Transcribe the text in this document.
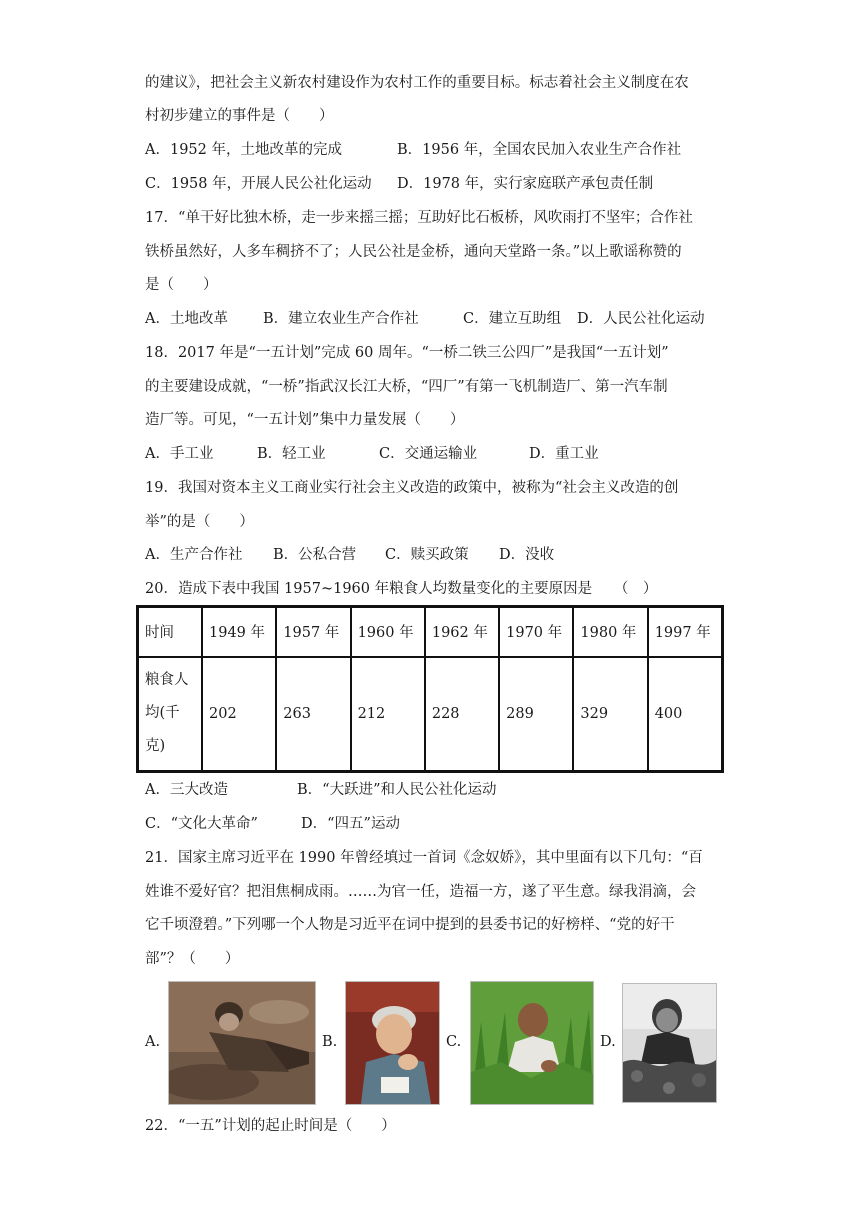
的建议》，把社会主义新农村建设作为农村工作的重要目标。标志着社会主义制度在农
村初步建立的事件是（　　）
A．1952 年，土地改革的完成	B．1956 年，全国农民加入农业生产合作社
C．1958 年，开展人民公社化运动 D．1978 年，实行家庭联产承包责任制
17．“单干好比独木桥，走一步来摇三摇；互助好比石板桥，风吹雨打不坚牢；合作社
铁桥虽然好，人多车稠挤不了；人民公社是金桥，通向天堂路一条。”以上歌谣称赞的
是（　　）
A．土地改革 B．建立农业生产合作社	C．建立互助组 D．人民公社化运动
18．2017 年是“一五计划”完成 60 周年。“一桥二铁三公四厂”是我国“一五计划”
的主要建设成就，“一桥”指武汉长江大桥，“四厂”有第一飞机制造厂、第一汽车制
造厂等。可见，“一五计划”集中力量发展（　　）
A．手工业	B．轻工业	C．交通运输业	D．重工业
19．我国对资本主义工商业实行社会主义改造的政策中，被称为“社会主义改造的创
举”的是（　　）
A．生产合作社 B．公私合营 C．赎买政策 D．没收
20．造成下表中我国 1957~1960 年粮食人均数量变化的主要原因是　　（　）
时间	1949 年	1957 年	1960 年	1962 年	1970 年	1980 年	1997 年
粮食人均(千克)	202	263	212	228	289	329	400
A．三大改造	B．“大跃进”和人民公社化运动
C．“文化大革命”	D．“四五”运动
21．国家主席习近平在 1990 年曾经填过一首词《念奴娇》，其中里面有以下几句：“百
姓谁不爱好官？把泪焦桐成雨。……为官一任，造福一方，遂了平生意。绿我涓滴，会
它千顷澄碧。”下列哪一个人物是习近平在词中提到的县委书记的好榜样、“党的好干
部”？（　　）
A.	B.	C.	D.
22．“一五”计划的起止时间是（　　）
